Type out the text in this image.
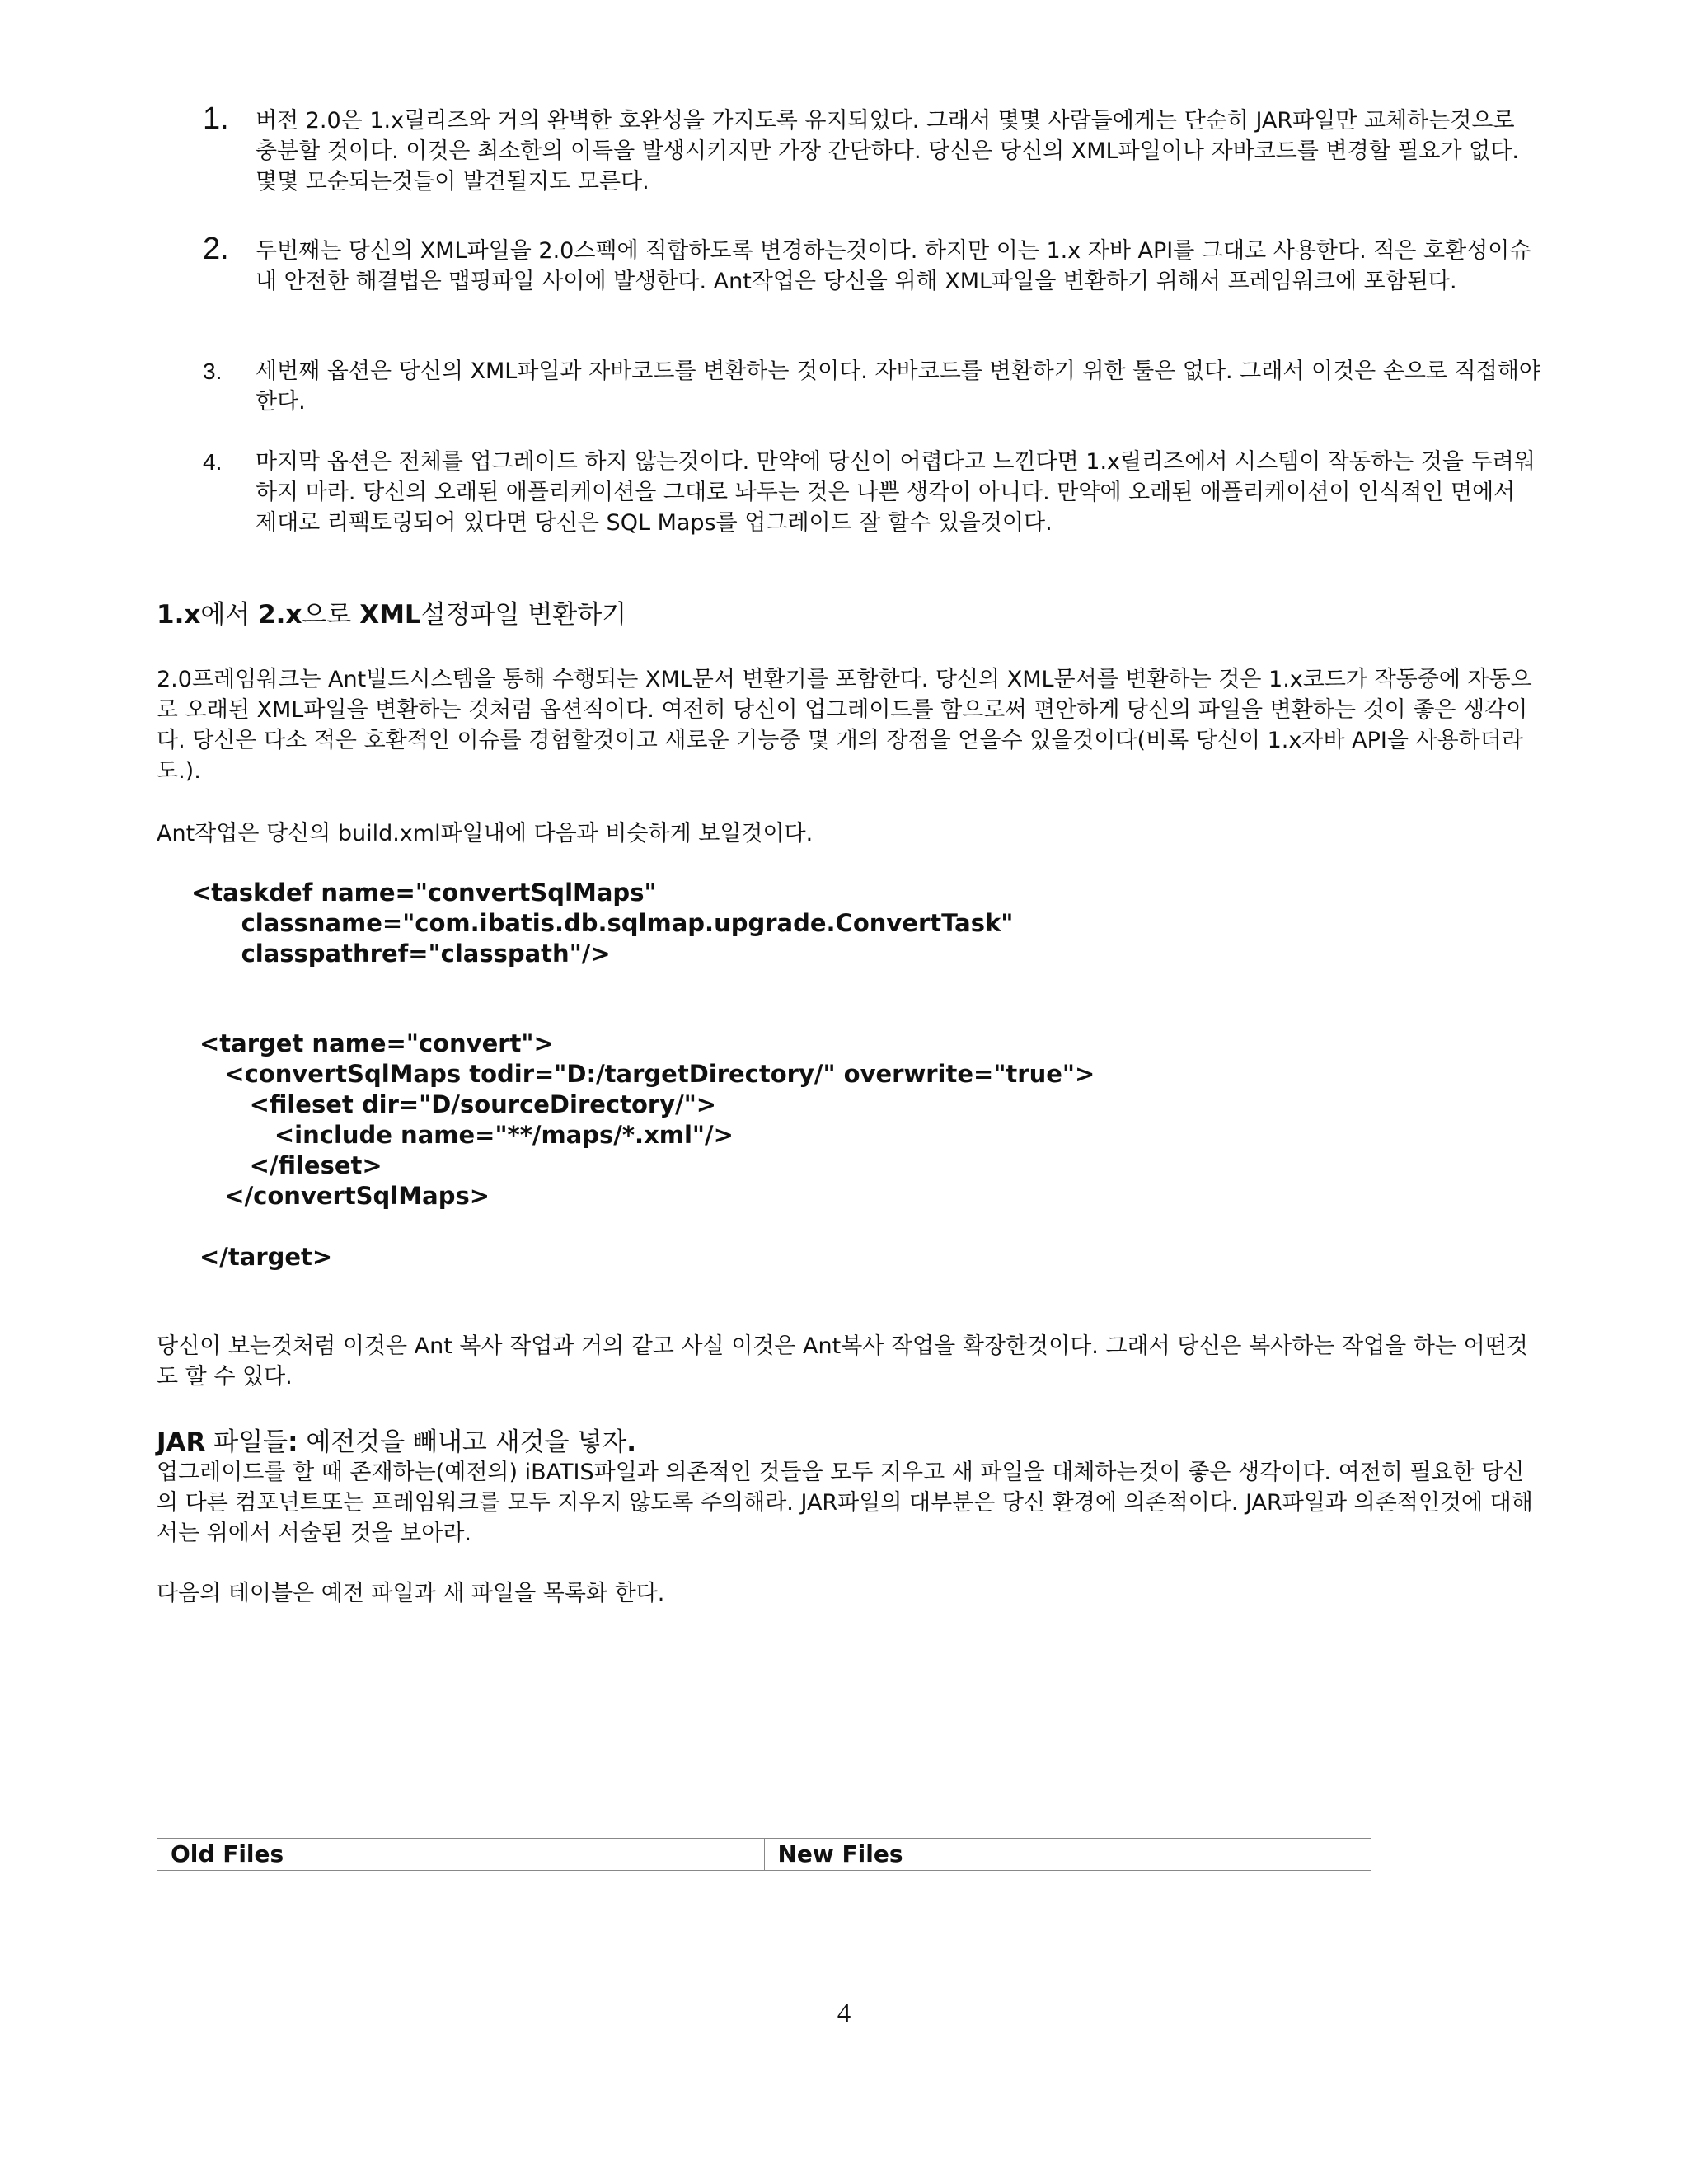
1. 버전 2.0은 1.x릴리즈와 거의 완벽한 호완성을 가지도록 유지되었다. 그래서 몇몇 사람들에게는 단순히 JAR파일만 교체하는것으로 충분할 것이다. 이것은 최소한의 이득을 발생시키지만 가장 간단하다. 당신은 당신의 XML파일이나 자바코드를 변경할 필요가 없다. 몇몇 모순되는것들이 발견될지도 모른다.
2. 두번째는 당신의 XML파일을 2.0스펙에 적합하도록 변경하는것이다. 하지만 이는 1.x 자바 API를 그대로 사용한다. 적은 호환성이슈내 안전한 해결법은 맵핑파일 사이에 발생한다. Ant작업은 당신을 위해 XML파일을 변환하기 위해서 프레임워크에 포함된다.
3. 세번째 옵션은 당신의 XML파일과 자바코드를 변환하는 것이다. 자바코드를 변환하기 위한 툴은 없다. 그래서 이것은 손으로 직접해야 한다.
4. 마지막 옵션은 전체를 업그레이드 하지 않는것이다. 만약에 당신이 어렵다고 느낀다면 1.x릴리즈에서 시스템이 작동하는 것을 두려워하지 마라. 당신의 오래된 애플리케이션을 그대로 놔두는 것은 나쁜 생각이 아니다. 만약에 오래된 애플리케이션이 인식적인 면에서 제대로 리팩토링되어 있다면 당신은 SQL Maps를 업그레이드 잘 할수 있을것이다.
1.x에서 2.x으로 XML설정파일 변환하기

2.0프레임워크는 Ant빌드시스템을 통해 수행되는 XML문서 변환기를 포함한다. 당신의 XML문서를 변환하는 것은 1.x코드가 작동중에 자동으로 오래된 XML파일을 변환하는 것처럼 옵션적이다. 여전히 당신이 업그레이드를 함으로써 편안하게 당신의 파일을 변환하는 것이 좋은 생각이다. 당신은 다소 적은 호환적인 이슈를 경험할것이고 새로운 기능중 몇 개의 장점을 얻을수 있을것이다(비록 당신이 1.x자바 API을 사용하더라도.).

Ant작업은 당신의 build.xml파일내에 다음과 비슷하게 보일것이다.

<taskdef name="convertSqlMaps"
classname="com.ibatis.db.sqlmap.upgrade.ConvertTask"
classpathref="classpath"/>
<target name="convert">
<convertSqlMaps todir="D:/targetDirectory/" overwrite="true">
<fileset dir="D/sourceDirectory/">
<include name="**/maps/*.xml"/>
</fileset>
</convertSqlMaps>

</target>

당신이 보는것처럼 이것은 Ant 복사 작업과 거의 같고 사실 이것은 Ant복사 작업을 확장한것이다. 그래서 당신은 복사하는 작업을 하는 어떤것도 할 수 있다.

JAR 파일들: 예전것을 빼내고 새것을 넣자.

업그레이드를 할 때 존재하는(예전의) iBATIS파일과 의존적인 것들을 모두 지우고 새 파일을 대체하는것이 좋은 생각이다. 여전히 필요한 당신의 다른 컴포넌트또는 프레임워크를 모두 지우지 않도록 주의해라. JAR파일의 대부분은 당신 환경에 의존적이다. JAR파일과 의존적인것에 대해서는 위에서 서술된 것을 보아라.

다음의 테이블은 예전 파일과 새 파일을 목록화 한다.

Old Files	New Files
4
